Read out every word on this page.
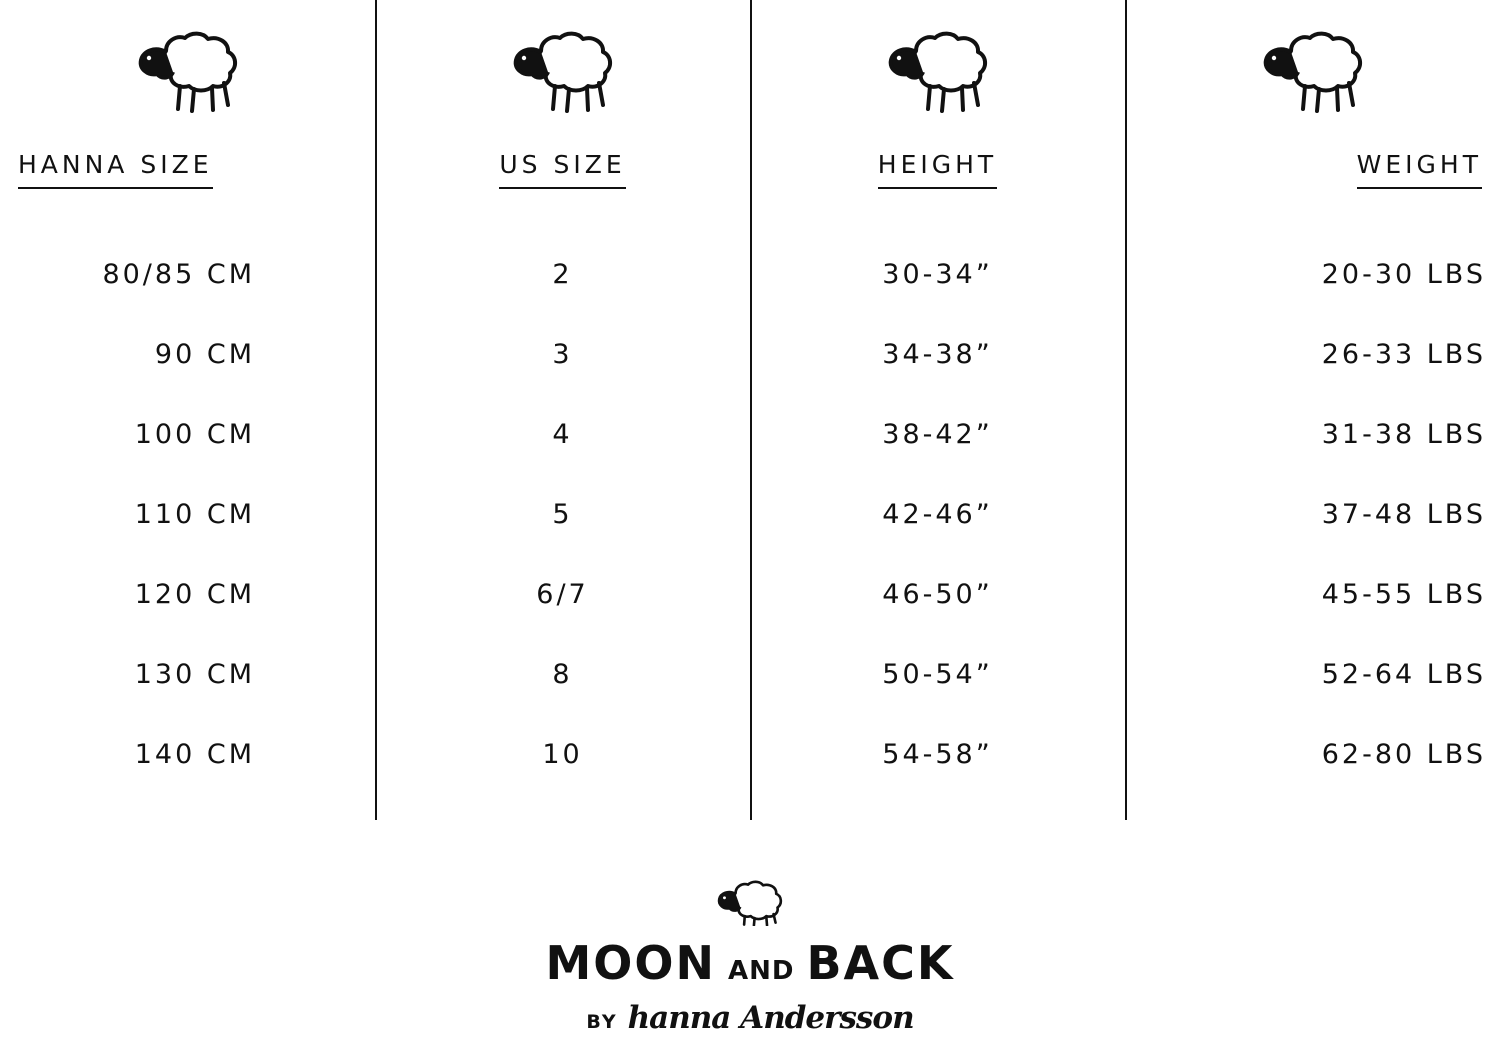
HANNA SIZE
80/85 CM
90 CM
100 CM
110 CM
120 CM
130 CM
140 CM
US SIZE
2
3
4
5
6/7
8
10
HEIGHT
30-34”
34-38”
38-42”
42-46”
46-50”
50-54”
54-58”
WEIGHT
20-30 LBS
26-33 LBS
31-38 LBS
37-48 LBS
45-55 LBS
52-64 LBS
62-80 LBS
MOON AND BACK
BY hanna Andersson
